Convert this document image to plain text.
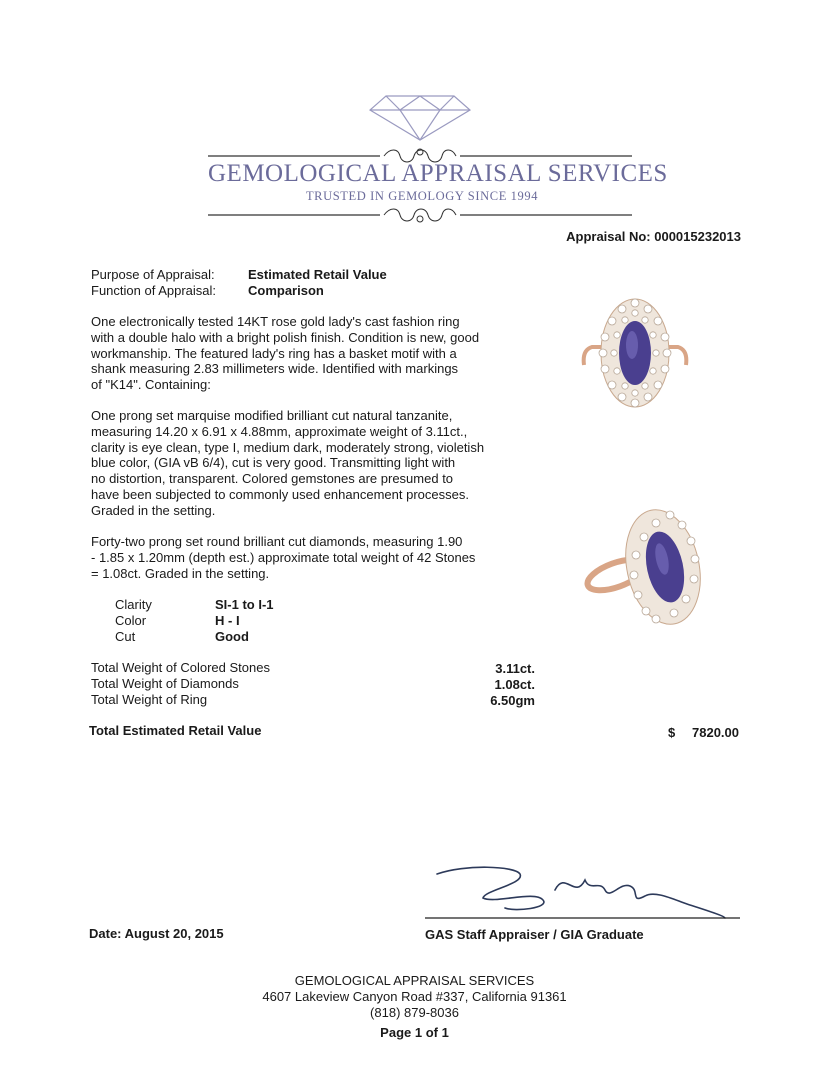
GEMOLOGICAL APPRAISAL SERVICES
TRUSTED IN GEMOLOGY SINCE 1994
Appraisal No: 000015232013
Purpose of Appraisal:	Estimated Retail Value
Function of Appraisal: Comparison
One electronically tested 14KT rose gold lady's cast fashion ring
with a double halo with a bright polish finish. Condition is new, good
workmanship. The featured lady's ring has a basket motif with a
shank measuring 2.83 millimeters wide. Identified with markings
of "K14". Containing:
One prong set marquise modified brilliant cut natural tanzanite,
measuring 14.20 x 6.91 x 4.88mm, approximate weight of 3.11ct.,
clarity is eye clean, type I, medium dark, moderately strong, violetish
blue color, (GIA vB 6/4), cut is very good. Transmitting light with
no distortion, transparent. Colored gemstones are presumed to
have been subjected to commonly used enhancement processes.
Graded in the setting.
Forty-two prong set round brilliant cut diamonds, measuring 1.90
- 1.85 x 1.20mm (depth est.) approximate total weight of 42 Stones
= 1.08ct. Graded in the setting.
Clarity	SI-1 to I-1
Color	H - I
Cut	Good
Total Weight of Colored Stones	3.11ct.
Total Weight of Diamonds	1.08ct.
Total Weight of Ring	6.50gm
Total Estimated Retail Value	$	7820.00
Date: August 20, 2015	GAS Staff Appraiser / GIA Graduate
GEMOLOGICAL APPRAISAL SERVICES
4607 Lakeview Canyon Road #337, California 91361
(818) 879-8036
Page 1 of 1
